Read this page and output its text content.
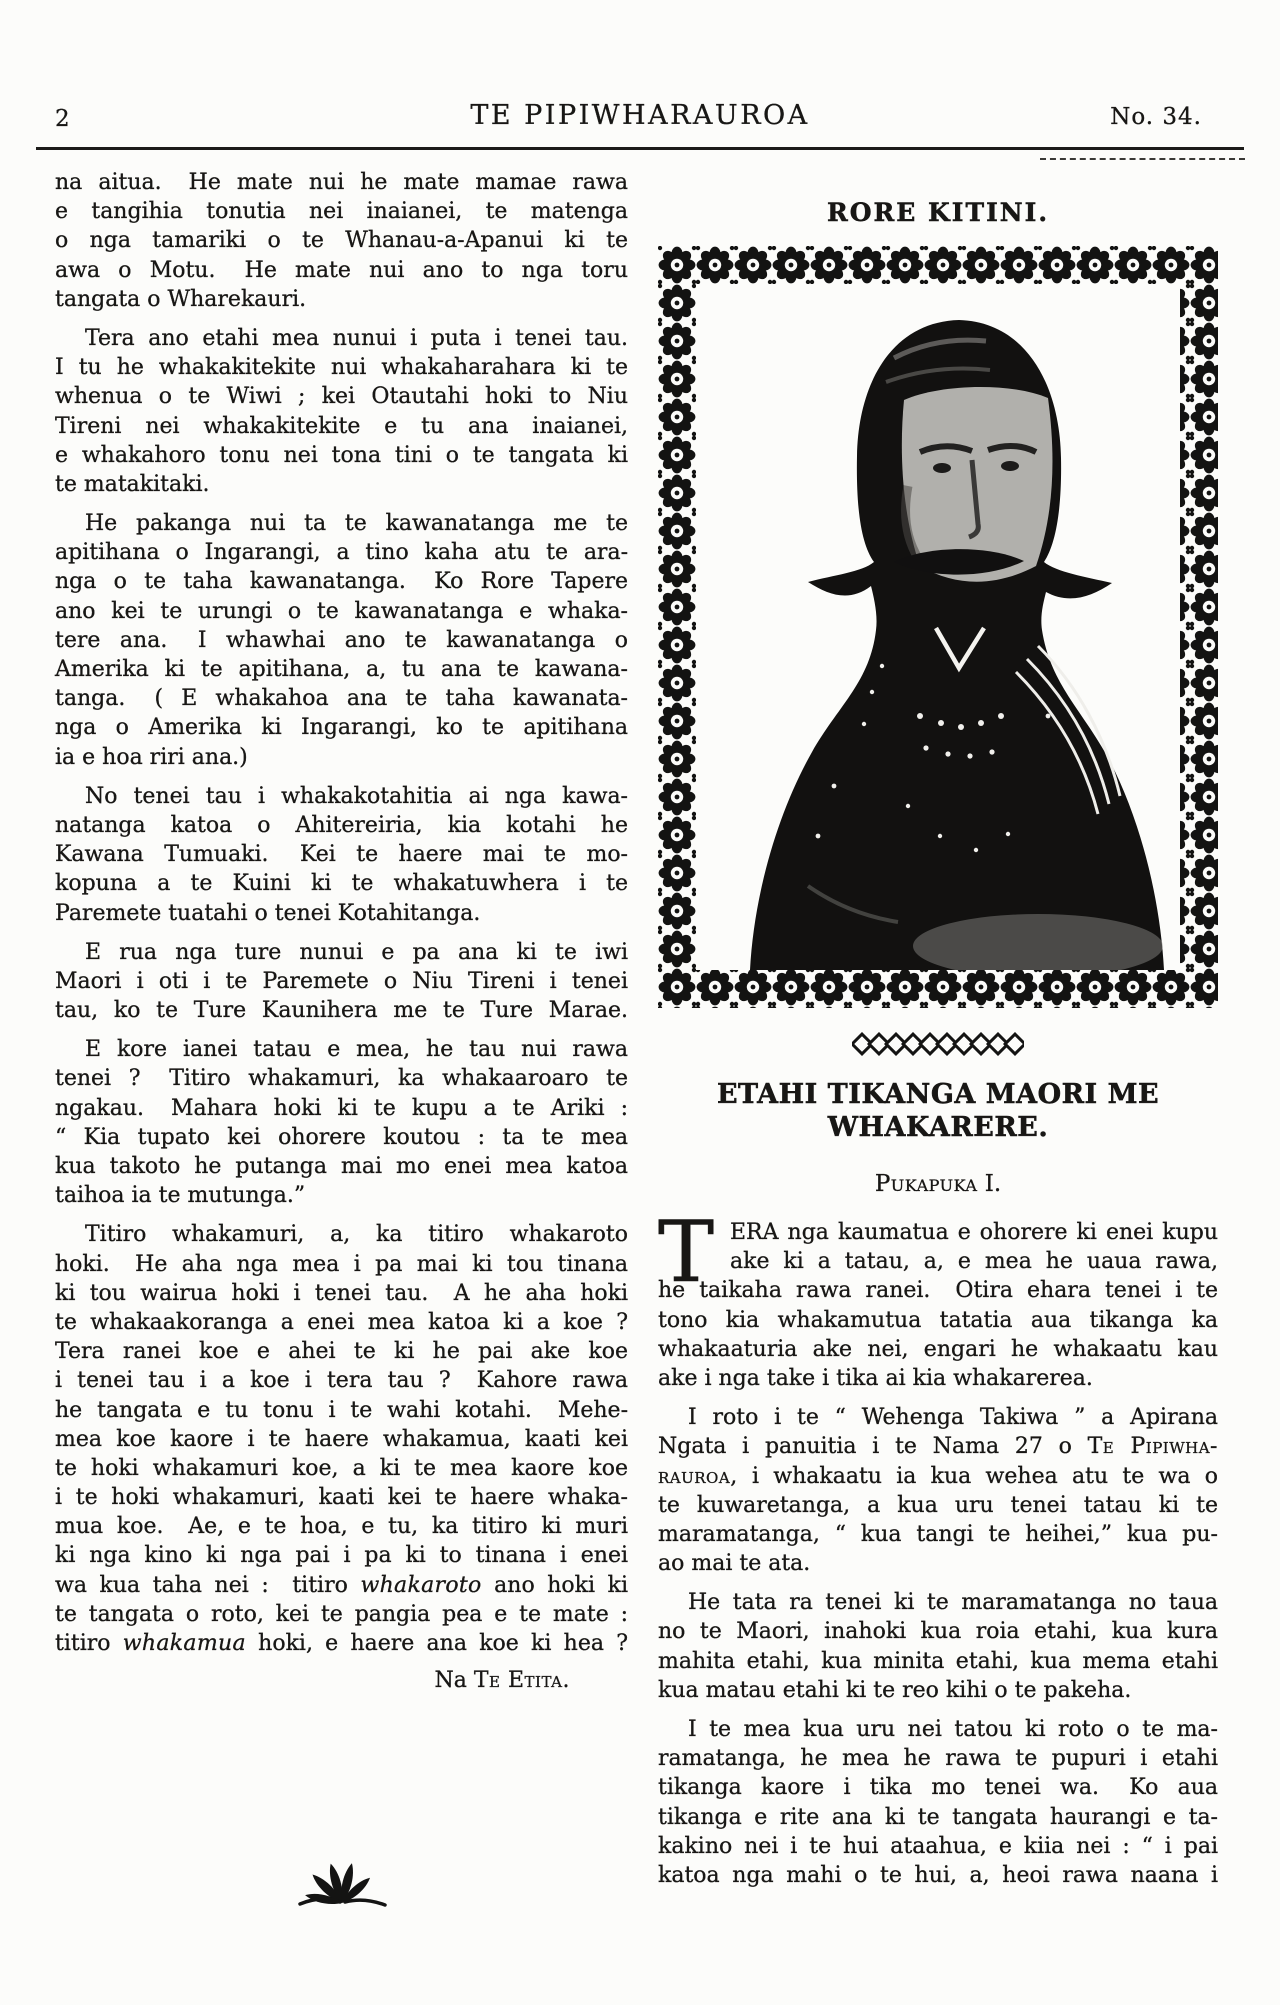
2	TE PIPIWHARAUROA	No. 34.
na aitua.  He mate nui he mate mamae rawa
e tangihia tonutia nei inaianei, te matenga
o nga tamariki o te Whanau-a-Apanui ki te
awa o Motu.  He mate nui ano to nga toru
tangata o Wharekauri.
Tera ano etahi mea nunui i puta i tenei tau.
I tu he whakakitekite nui whakaharahara ki te
whenua o te Wiwi ; kei Otautahi hoki to Niu
Tireni nei whakakitekite e tu ana inaianei,
e whakahoro tonu nei tona tini o te tangata ki
te matakitaki.
He pakanga nui ta te kawanatanga me te
apitihana o Ingarangi, a tino kaha atu te ara-
nga o te taha kawanatanga.  Ko Rore Tapere
ano kei te urungi o te kawanatanga e whaka-
tere ana.  I whawhai ano te kawanatanga o
Amerika ki te apitihana, a, tu ana te kawana-
tanga.  ( E whakahoa ana te taha kawanata-
nga o Amerika ki Ingarangi, ko te apitihana
ia e hoa riri ana.)
No tenei tau i whakakotahitia ai nga kawa-
natanga katoa o Ahitereiria, kia kotahi he
Kawana Tumuaki.  Kei te haere mai te mo-
kopuna a te Kuini ki te whakatuwhera i te
Paremete tuatahi o tenei Kotahitanga.
E rua nga ture nunui e pa ana ki te iwi
Maori i oti i te Paremete o Niu Tireni i tenei
tau, ko te Ture Kaunihera me te Ture Marae.
E kore ianei tatau e mea, he tau nui rawa
tenei ?  Titiro whakamuri, ka whakaaroaro te
ngakau.  Mahara hoki ki te kupu a te Ariki :
“ Kia tupato kei ohorere koutou : ta te mea
kua takoto he putanga mai mo enei mea katoa
taihoa ia te mutunga.”
Titiro whakamuri, a, ka titiro whakaroto
hoki.  He aha nga mea i pa mai ki tou tinana
ki tou wairua hoki i tenei tau.  A he aha hoki
te whakaakoranga a enei mea katoa ki a koe ?
Tera ranei koe e ahei te ki he pai ake koe
i tenei tau i a koe i tera tau ?  Kahore rawa
he tangata e tu tonu i te wahi kotahi.  Mehe-
mea koe kaore i te haere whakamua, kaati kei
te hoki whakamuri koe, a ki te mea kaore koe
i te hoki whakamuri, kaati kei te haere whaka-
mua koe.  Ae, e te hoa, e tu, ka titiro ki muri
ki nga kino ki nga pai i pa ki to tinana i enei
wa kua taha nei :  titiro whakaroto ano hoki ki
te tangata o roto, kei te pangia pea e te mate :
titiro whakamua hoki, e haere ana koe ki hea ?
Na Te Etita.
RORE KITINI.
ETAHI TIKANGA MAORI ME
WHAKARERE.
Pukapuka I.
T ERA nga kaumatua e ohorere ki enei kupu
ake ki a tatau, a, e mea he uaua rawa,
he taikaha rawa ranei.  Otira ehara tenei i te
tono kia whakamutua tatatia aua tikanga ka
whakaaturia ake nei, engari he whakaatu kau
ake i nga take i tika ai kia whakarerea.
I roto i te “ Wehenga Takiwa ” a Apirana
Ngata i panuitia i te Nama 27 o Te Pipiwha-
rauroa, i whakaatu ia kua wehea atu te wa o
te kuwaretanga, a kua uru tenei tatau ki te
maramatanga, “ kua tangi te heihei,” kua pu-
ao mai te ata.
He tata ra tenei ki te maramatanga no taua
no te Maori, inahoki kua roia etahi, kua kura
mahita etahi, kua minita etahi, kua mema etahi
kua matau etahi ki te reo kihi o te pakeha.
I te mea kua uru nei tatou ki roto o te ma-
ramatanga, he mea he rawa te pupuri i etahi
tikanga kaore i tika mo tenei wa.  Ko aua
tikanga e rite ana ki te tangata haurangi e ta-
kakino nei i te hui ataahua, e kiia nei : “ i pai
katoa nga mahi o te hui, a, heoi rawa naana i
